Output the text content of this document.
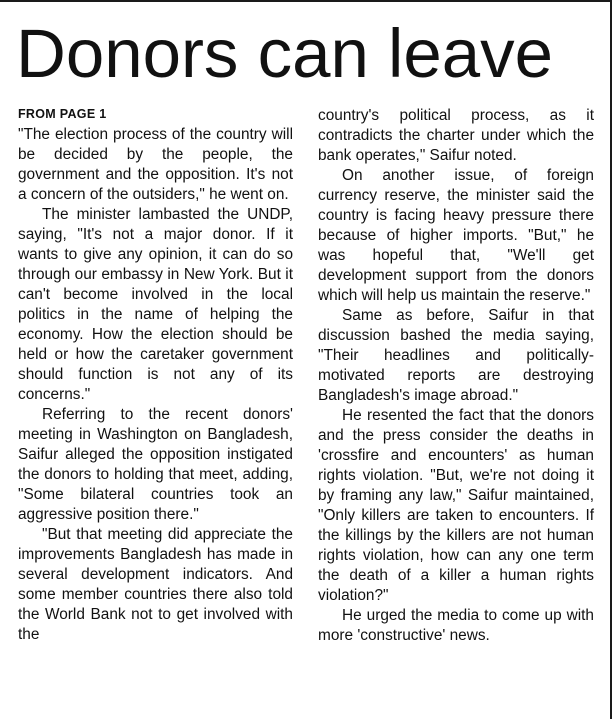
Donors can leave
FROM PAGE 1

"The election process of the country will be decided by the people, the government and the opposition. It's not a concern of the outsiders," he went on.

The minister lambasted the UNDP, saying, "It's not a major donor. If it wants to give any opinion, it can do so through our embassy in New York. But it can't become involved in the local politics in the name of helping the economy. How the election should be held or how the caretaker government should function is not any of its concerns."

Referring to the recent donors' meeting in Washington on Bangladesh, Saifur alleged the opposition instigated the donors to holding that meet, adding, "Some bilateral countries took an aggressive position there."

"But that meeting did appreciate the improvements Bangladesh has made in several development indicators. And some member countries there also told the World Bank not to get involved with the

country's political process, as it contradicts the charter under which the bank operates," Saifur noted.

On another issue, of foreign currency reserve, the minister said the country is facing heavy pressure there because of higher imports. "But," he was hopeful that, "We'll get development support from the donors which will help us maintain the reserve."

Same as before, Saifur in that discussion bashed the media saying, "Their headlines and politically-motivated reports are destroying Bangladesh's image abroad."

He resented the fact that the donors and the press consider the deaths in 'crossfire and encounters' as human rights violation. "But, we're not doing it by framing any law," Saifur maintained, "Only killers are taken to encounters. If the killings by the killers are not human rights violation, how can any one term the death of a killer a human rights violation?"

He urged the media to come up with more 'constructive' news.
